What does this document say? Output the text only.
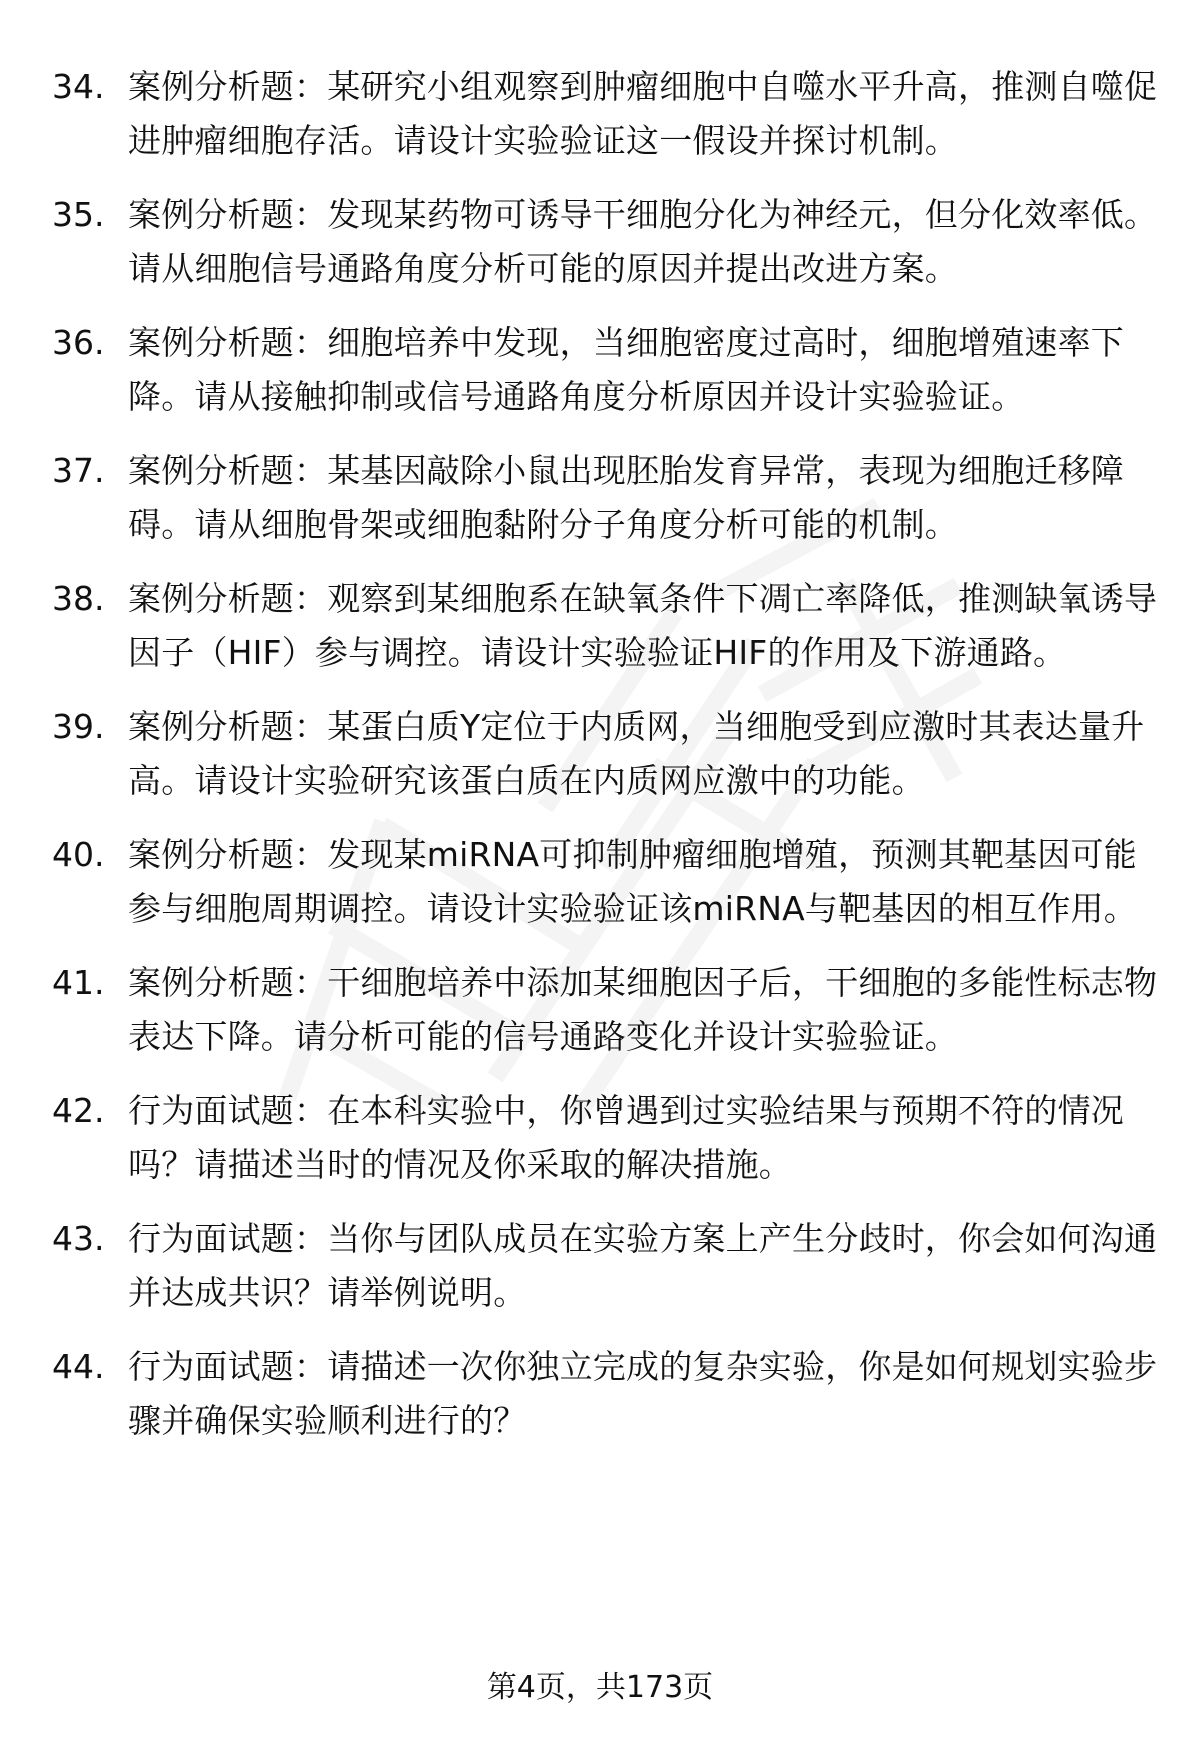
34. 案例分析题：某研究小组观察到肿瘤细胞中自噬水平升高，推测自噬促进肿瘤细胞存活。请设计实验验证这一假设并探讨机制。
35. 案例分析题：发现某药物可诱导干细胞分化为神经元，但分化效率低。请从细胞信号通路角度分析可能的原因并提出改进方案。
36. 案例分析题：细胞培养中发现，当细胞密度过高时，细胞增殖速率下降。请从接触抑制或信号通路角度分析原因并设计实验验证。
37. 案例分析题：某基因敲除小鼠出现胚胎发育异常，表现为细胞迁移障碍。请从细胞骨架或细胞黏附分子角度分析可能的机制。
38. 案例分析题：观察到某细胞系在缺氧条件下凋亡率降低，推测缺氧诱导因子（HIF）参与调控。请设计实验验证HIF的作用及下游通路。
39. 案例分析题：某蛋白质Y定位于内质网，当细胞受到应激时其表达量升高。请设计实验研究该蛋白质在内质网应激中的功能。
40. 案例分析题：发现某miRNA可抑制肿瘤细胞增殖，预测其靶基因可能参与细胞周期调控。请设计实验验证该miRNA与靶基因的相互作用。
41. 案例分析题：干细胞培养中添加某细胞因子后，干细胞的多能性标志物表达下降。请分析可能的信号通路变化并设计实验验证。
42. 行为面试题：在本科实验中，你曾遇到过实验结果与预期不符的情况吗？请描述当时的情况及你采取的解决措施。
43. 行为面试题：当你与团队成员在实验方案上产生分歧时，你会如何沟通并达成共识？请举例说明。
44. 行为面试题：请描述一次你独立完成的复杂实验，你是如何规划实验步骤并确保实验顺利进行的？
第4页，共173页
